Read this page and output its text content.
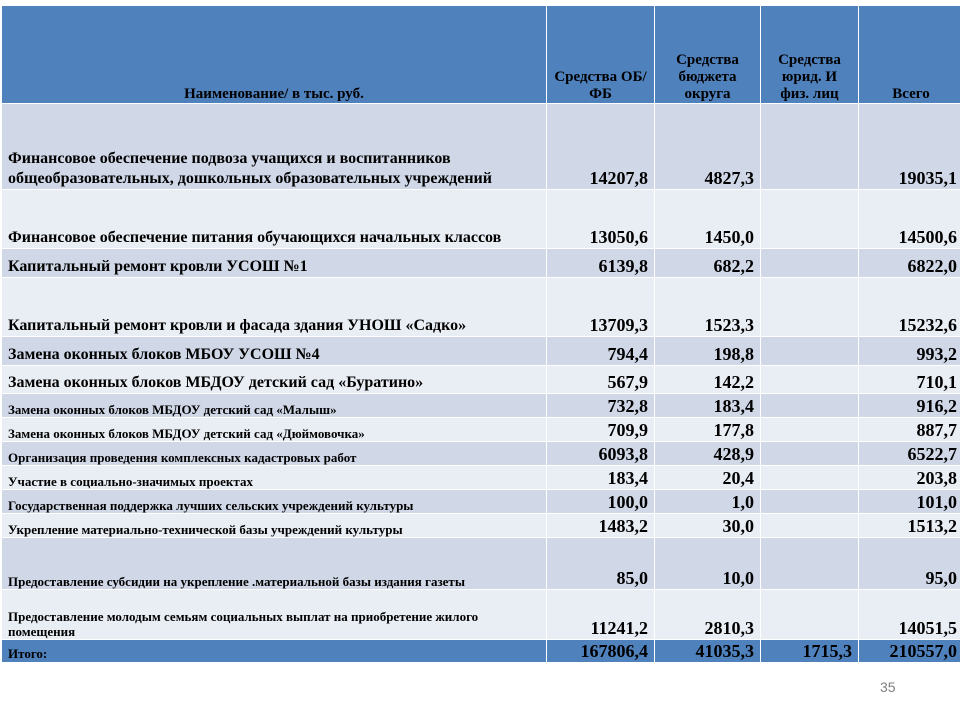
Наименование/ в тыс. руб.	Средства ОБ/ФБ	Средства бюджета округа	Средства юрид. И физ. лиц	Всего
Финансовое обеспечение подвоза учащихся и воспитанников общеобразовательных, дошкольных образовательных учреждений	14207,8	4827,3		19035,1
Финансовое обеспечение питания обучающихся начальных классов	13050,6	1450,0		14500,6
Капитальный ремонт кровли УСОШ №1	6139,8	682,2		6822,0
Капитальный ремонт кровли и фасада здания УНОШ «Садко»	13709,3	1523,3		15232,6
Замена оконных блоков МБОУ УСОШ №4	794,4	198,8		993,2
Замена оконных блоков МБДОУ детский сад «Буратино»	567,9	142,2		710,1
Замена оконных блоков МБДОУ детский сад «Малыш»	732,8	183,4		916,2
Замена оконных блоков МБДОУ детский сад «Дюймовочка»	709,9	177,8		887,7
Организация проведения комплексных кадастровых работ	6093,8	428,9		6522,7
Участие в социально-значимых проектах	183,4	20,4		203,8
Государственная поддержка лучших сельских учреждений культуры	100,0	1,0		101,0
Укрепление материально-технической базы учреждений культуры	1483,2	30,0		1513,2
Предоставление субсидии на укрепление .материальной базы издания газеты	85,0	10,0		95,0
Предоставление молодым семьям социальных выплат на приобретение жилого помещения	11241,2	2810,3		14051,5
Итого:	167806,4	41035,3	1715,3	210557,0
35
